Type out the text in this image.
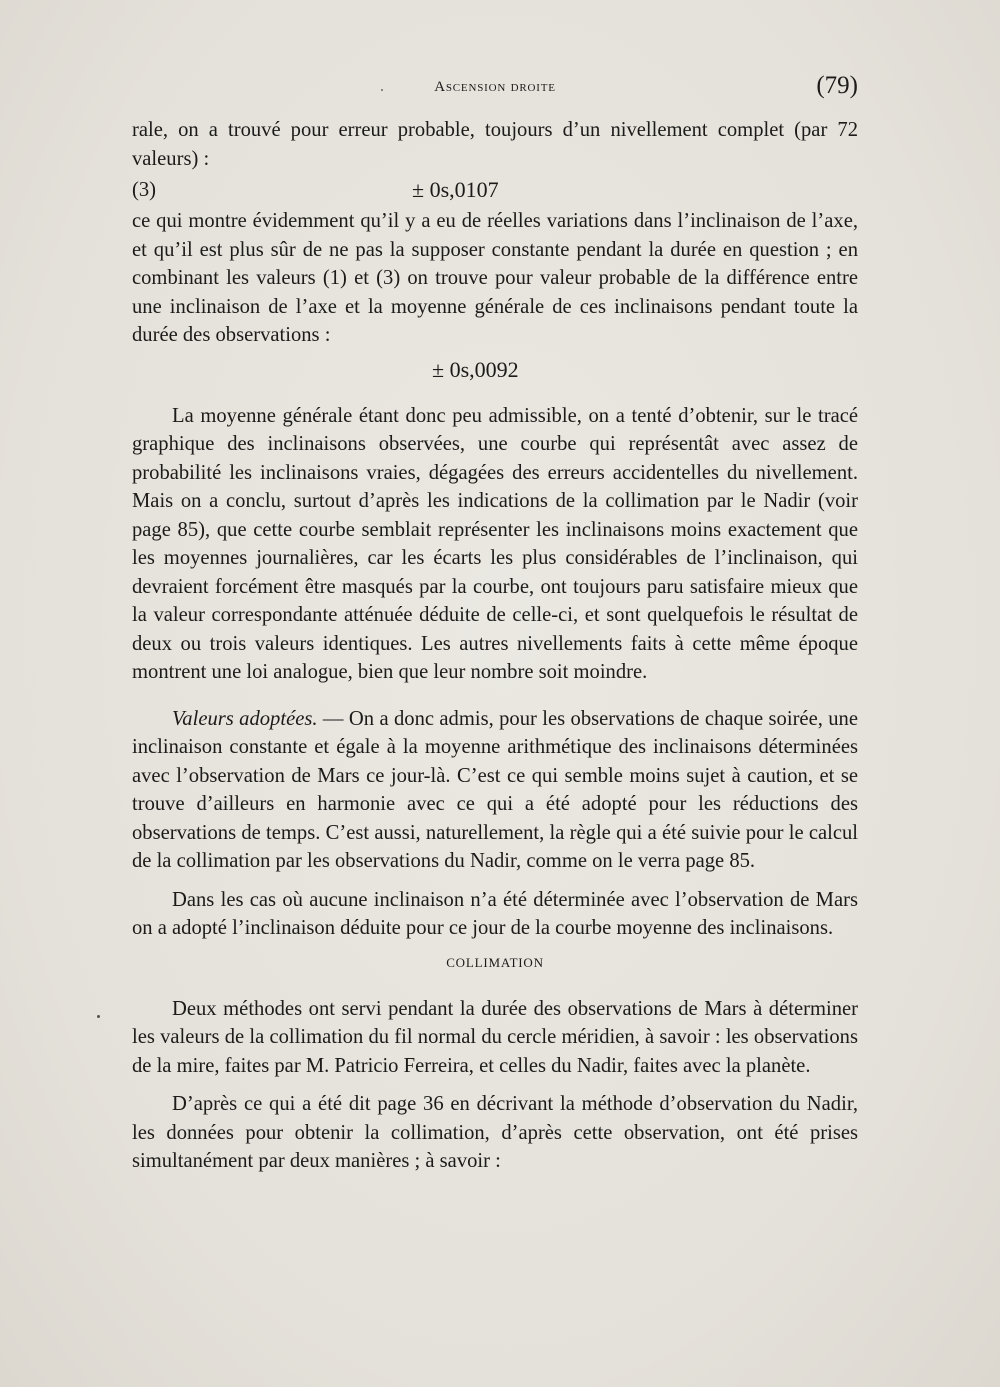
Ascension droite	(79)

rale, on a trouvé pour erreur probable, toujours d’un nivellement complet (par 72 valeurs) :

(3)	± 0s,0107

ce qui montre évidemment qu’il y a eu de réelles variations dans l’inclinaison de l’axe, et qu’il est plus sûr de ne pas la supposer constante pendant la durée en question ; en combinant les valeurs (1) et (3) on trouve pour valeur probable de la différence entre une inclinaison de l’axe et la moyenne générale de ces inclinaisons pendant toute la durée des observations :

± 0s,0092

La moyenne générale étant donc peu admissible, on a tenté d’obtenir, sur le tracé graphique des inclinaisons observées, une courbe qui représentât avec assez de probabilité les inclinaisons vraies, dégagées des erreurs accidentelles du nivellement. Mais on a conclu, surtout d’après les indications de la collimation par le Nadir (voir page 85), que cette courbe semblait représenter les inclinaisons moins exactement que les moyennes journalières, car les écarts les plus considérables de l’inclinaison, qui devraient forcément être masqués par la courbe, ont toujours paru satisfaire mieux que la valeur correspondante atténuée déduite de celle-ci, et sont quelquefois le résultat de deux ou trois valeurs identiques. Les autres nivellements faits à cette même époque montrent une loi analogue, bien que leur nombre soit moindre.

Valeurs adoptées. — On a donc admis, pour les observations de chaque soirée, une inclinaison constante et égale à la moyenne arithmétique des inclinaisons déterminées avec l’observation de Mars ce jour-là. C’est ce qui semble moins sujet à caution, et se trouve d’ailleurs en harmonie avec ce qui a été adopté pour les réductions des observations de temps. C’est aussi, naturellement, la règle qui a été suivie pour le calcul de la collimation par les observations du Nadir, comme on le verra page 85.

Dans les cas où aucune inclinaison n’a été déterminée avec l’observation de Mars on a adopté l’inclinaison déduite pour ce jour de la courbe moyenne des inclinaisons.

COLLIMATION

Deux méthodes ont servi pendant la durée des observations de Mars à déterminer les valeurs de la collimation du fil normal du cercle méridien, à savoir : les observations de la mire, faites par M. Patricio Ferreira, et celles du Nadir, faites avec la planète.

D’après ce qui a été dit page 36 en décrivant la méthode d’observation du Nadir, les données pour obtenir la collimation, d’après cette observation, ont été prises simultanément par deux manières ; à savoir :
